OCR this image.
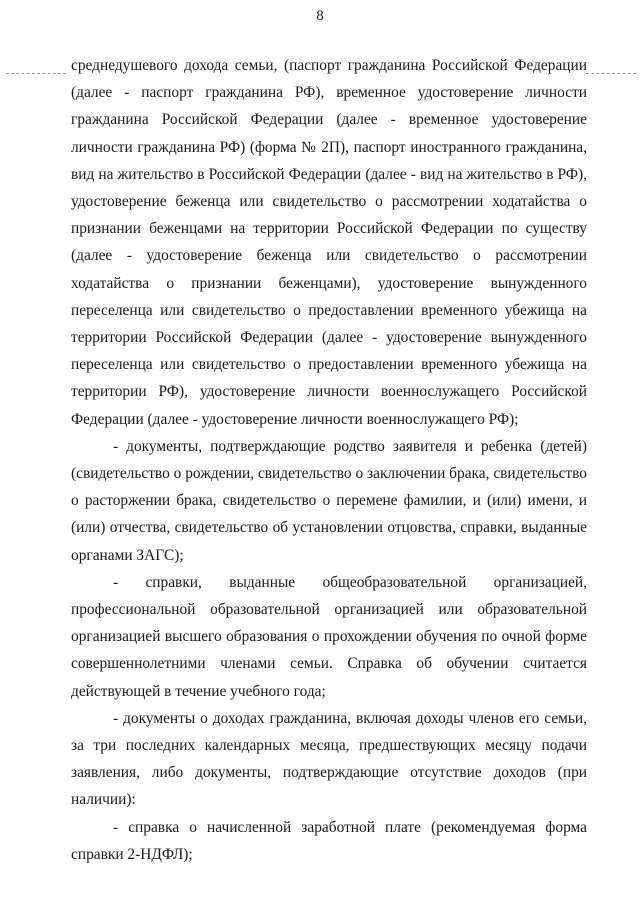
8

среднедушевого дохода семьи, (паспорт гражданина Российской Федерации (далее - паспорт гражданина РФ), временное удостоверение личности гражданина Российской Федерации (далее - временное удостоверение личности гражданина РФ) (форма № 2П), паспорт иностранного гражданина, вид на жительство в Российской Федерации (далее - вид на жительство в РФ), удостоверение беженца или свидетельство о рассмотрении ходатайства о признании беженцами на территории Российской Федерации по существу (далее - удостоверение беженца или свидетельство о рассмотрении ходатайства о признании беженцами), удостоверение вынужденного переселенца или свидетельство о предоставлении временного убежища на территории Российской Федерации (далее - удостоверение вынужденного переселенца или свидетельство о предоставлении временного убежища на территории РФ), удостоверение личности военнослужащего Российской Федерации (далее - удостоверение личности военнослужащего РФ);

- документы, подтверждающие родство заявителя и ребенка (детей) (свидетельство о рождении, свидетельство о заключении брака, свидетельство о расторжении брака, свидетельство о перемене фамилии, и (или) имени, и (или) отчества, свидетельство об установлении отцовства, справки, выданные органами ЗАГС);

- справки, выданные общеобразовательной организацией, профессиональной образовательной организацией или образовательной организацией высшего образования о прохождении обучения по очной форме совершеннолетними членами семьи. Справка об обучении считается действующей в течение учебного года;

- документы о доходах гражданина, включая доходы членов его семьи, за три последних календарных месяца, предшествующих месяцу подачи заявления, либо документы, подтверждающие отсутствие доходов (при наличии):

- справка о начисленной заработной плате (рекомендуемая форма справки 2-НДФЛ);
